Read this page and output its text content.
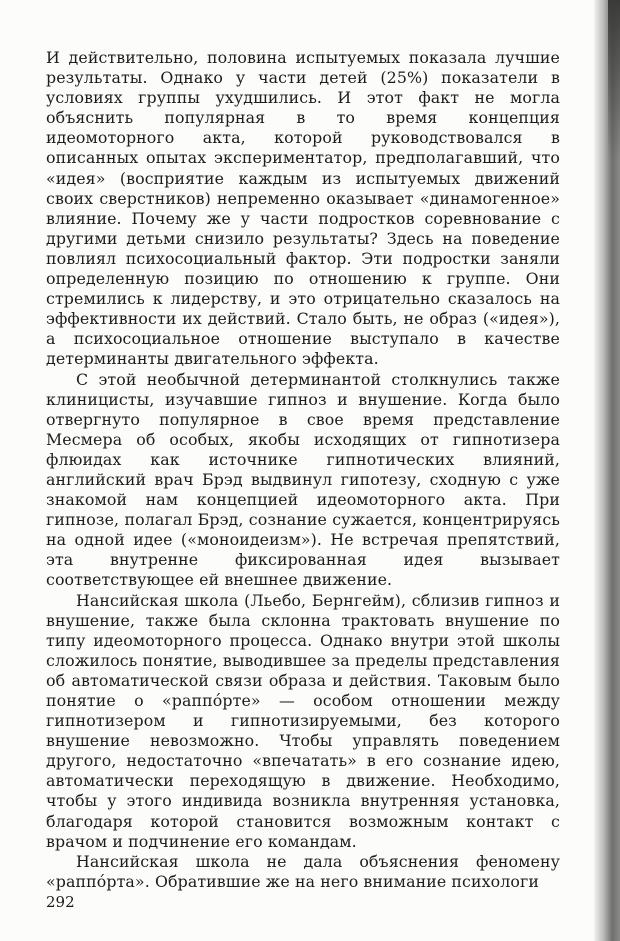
И действительно, половина испытуемых показала лучшие результаты. Однако у части детей (25%) показатели в условиях группы ухудшились. И этот факт не могла объяснить популярная в то время концепция идеомоторного акта, которой руководствовался в описанных опытах экспериментатор, предполагавший, что «идея» (восприятие каждым из испытуемых движений своих сверстников) непременно оказывает «динамогенное» влияние. Почему же у части подростков соревнование с другими детьми снизило результаты? Здесь на поведение повлиял психосоциальный фактор. Эти подростки заняли определенную позицию по отношению к группе. Они стремились к лидерству, и это отрицательно сказалось на эффективности их действий. Стало быть, не образ («идея»), а психосоциальное отношение выступало в качестве детерминанты двигательного эффекта.

С этой необычной детерминантой столкнулись также клиницисты, изучавшие гипноз и внушение. Когда было отвергнуто популярное в свое время представление Месмера об особых, якобы исходящих от гипнотизера флюидах как источнике гипнотических влияний, английский врач Брэд выдвинул гипотезу, сходную с уже знакомой нам концепцией идеомоторного акта. При гипнозе, полагал Брэд, сознание сужается, концентрируясь на одной идее («моноидеизм»). Не встречая препятствий, эта внутренне фиксированная идея вызывает соответствующее ей внешнее движение.

Нансийская школа (Льебо, Бернгейм), сблизив гипноз и внушение, также была склонна трактовать внушение по типу идеомоторного процесса. Однако внутри этой школы сложилось понятие, выводившее за пределы представления об автоматической связи образа и действия. Таковым было понятие о «раппóрте» — особом отношении между гипнотизером и гипнотизируемыми, без которого внушение невозможно. Чтобы управлять поведением другого, недостаточно «впечатать» в его сознание идею, автоматически переходящую в движение. Необходимо, чтобы у этого индивида возникла внутренняя установка, благодаря которой становится возможным контакт с врачом и подчинение его командам.

Нансийская школа не дала объяснения феномену «раппóрта». Обратившие же на него внимание психологи

292
